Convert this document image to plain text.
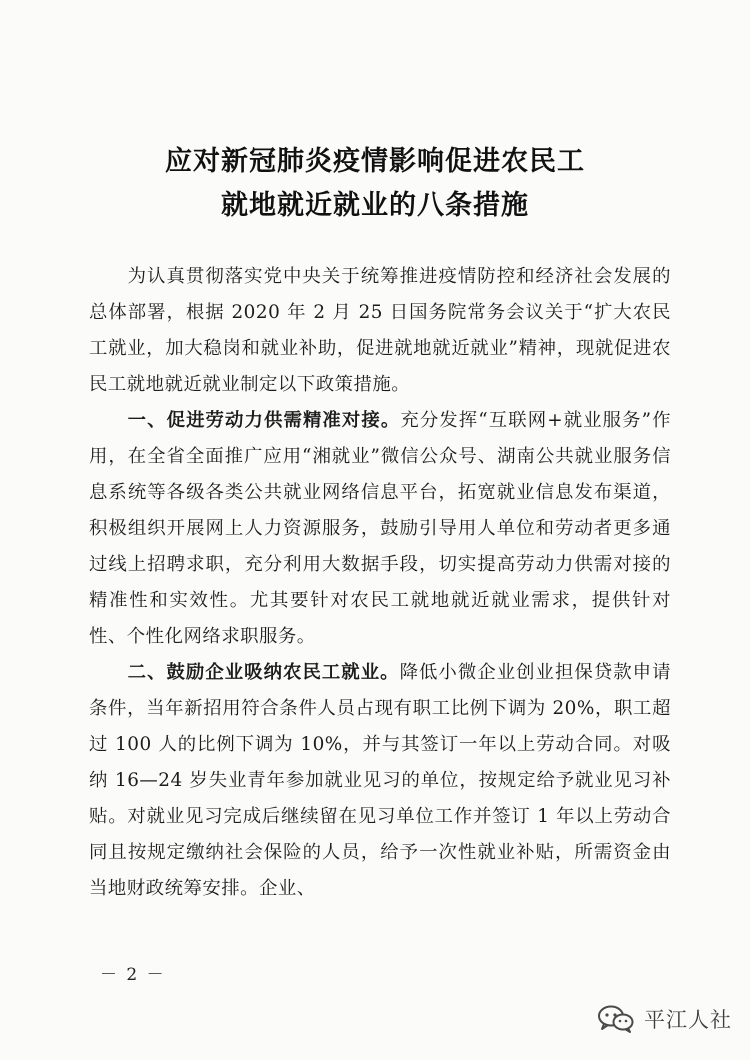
应对新冠肺炎疫情影响促进农民工
就地就近就业的八条措施

为认真贯彻落实党中央关于统筹推进疫情防控和经济社会发展的总体部署，根据 2020 年 2 月 25 日国务院常务会议关于“扩大农民工就业，加大稳岗和就业补助，促进就地就近就业”精神，现就促进农民工就地就近就业制定以下政策措施。

一、促进劳动力供需精准对接。充分发挥“互联网+就业服务”作用，在全省全面推广应用“湘就业”微信公众号、湖南公共就业服务信息系统等各级各类公共就业网络信息平台，拓宽就业信息发布渠道，积极组织开展网上人力资源服务，鼓励引导用人单位和劳动者更多通过线上招聘求职，充分利用大数据手段，切实提高劳动力供需对接的精准性和实效性。尤其要针对农民工就地就近就业需求，提供针对性、个性化网络求职服务。

二、鼓励企业吸纳农民工就业。降低小微企业创业担保贷款申请条件，当年新招用符合条件人员占现有职工比例下调为 20%，职工超过 100 人的比例下调为 10%，并与其签订一年以上劳动合同。对吸纳 16—24 岁失业青年参加就业见习的单位，按规定给予就业见习补贴。对就业见习完成后继续留在见习单位工作并签订 1 年以上劳动合同且按规定缴纳社会保险的人员，给予一次性就业补贴，所需资金由当地财政统筹安排。企业、

－ 2 －
平江人社
